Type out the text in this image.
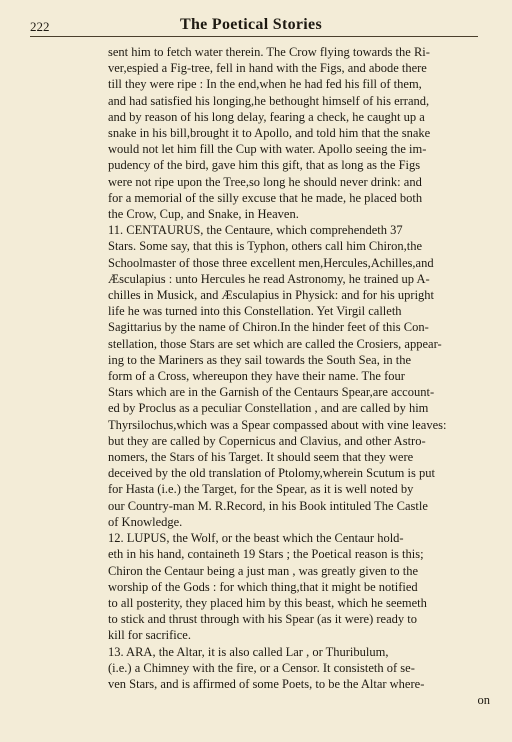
222	The Poetical Stories
sent him to fetch water therein. The Crow flying towards the Ri-
ver,espied a Fig-tree, fell in hand with the Figs, and abode there
till they were ripe : In the end,when he had fed his fill of them,
and had satisfied his longing,he bethought himself of his errand,
and by reason of his long delay, fearing a check, he caught up a
snake in his bill,brought it to Apollo, and told him that the snake
would not let him fill the Cup with water. Apollo seeing the im-
pudency of the bird, gave him this gift, that as long as the Figs
were not ripe upon the Tree,so long he should never drink: and
for a memorial of the silly excuse that he made, he placed both
the Crow, Cup, and Snake, in Heaven.
11. CENTAURUS, the Centaure, which comprehendeth 37
Stars. Some say, that this is Typhon, others call him Chiron,the
Schoolmaster of those three excellent men,Hercules,Achilles,and
Æsculapius : unto Hercules he read Astronomy, he trained up A-
chilles in Musick, and Æsculapius in Physick: and for his upright
life he was turned into this Constellation. Yet Virgil calleth
Sagittarius by the name of Chiron.In the hinder feet of this Con-
stellation, those Stars are set which are called the Crosiers, appear-
ing to the Mariners as they sail towards the South Sea, in the
form of a Cross, whereupon they have their name. The four
Stars which are in the Garnish of the Centaurs Spear,are account-
ed by Proclus as a peculiar Constellation , and are called by him
Thyrsilochus,which was a Spear compassed about with vine leaves:
but they are called by Copernicus and Clavius, and other Astro-
nomers, the Stars of his Target. It should seem that they were
deceived by the old translation of Ptolomy,wherein Scutum is put
for Hasta (i.e.) the Target, for the Spear, as it is well noted by
our Country-man M. R.Record, in his Book intituled The Castle
of Knowledge.
12. LUPUS, the Wolf, or the beast which the Centaur hold-
eth in his hand, containeth 19 Stars ; the Poetical reason is this;
Chiron the Centaur being a just man , was greatly given to the
worship of the Gods : for which thing,that it might be notified
to all posterity, they placed him by this beast, which he seemeth
to stick and thrust through with his Spear (as it were) ready to
kill for sacrifice.
13. ARA, the Altar, it is also called Lar , or Thuribulum,
(i.e.) a Chimney with the fire, or a Censor. It consisteth of se-
ven Stars, and is affirmed of some Poets, to be the Altar where-
on
